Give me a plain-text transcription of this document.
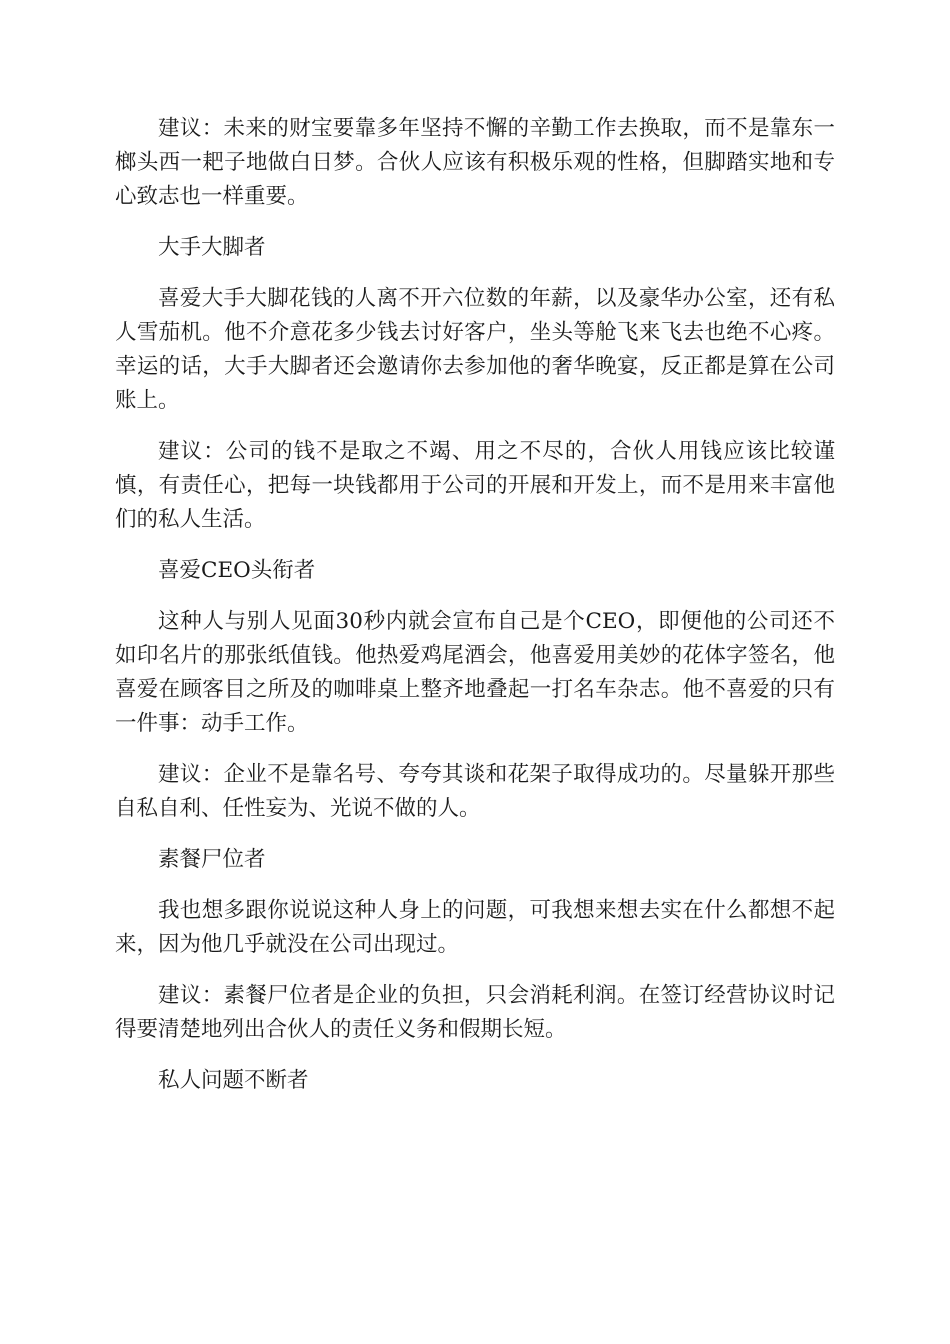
建议：未来的财宝要靠多年坚持不懈的辛勤工作去换取，而不是靠东一榔头西一耙子地做白日梦。合伙人应该有积极乐观的性格，但脚踏实地和专心致志也一样重要。

大手大脚者

喜爱大手大脚花钱的人离不开六位数的年薪，以及豪华办公室，还有私人雪茄机。他不介意花多少钱去讨好客户，坐头等舱飞来飞去也绝不心疼。幸运的话，大手大脚者还会邀请你去参加他的奢华晚宴，反正都是算在公司账上。

建议：公司的钱不是取之不竭、用之不尽的，合伙人用钱应该比较谨慎，有责任心，把每一块钱都用于公司的开展和开发上，而不是用来丰富他们的私人生活。

喜爱CEO头衔者

这种人与别人见面30秒内就会宣布自己是个CEO，即便他的公司还不如印名片的那张纸值钱。他热爱鸡尾酒会，他喜爱用美妙的花体字签名，他喜爱在顾客目之所及的咖啡桌上整齐地叠起一打名车杂志。他不喜爱的只有一件事：动手工作。

建议：企业不是靠名号、夸夸其谈和花架子取得成功的。尽量躲开那些自私自利、任性妄为、光说不做的人。

素餐尸位者

我也想多跟你说说这种人身上的问题，可我想来想去实在什么都想不起来，因为他几乎就没在公司出现过。

建议：素餐尸位者是企业的负担，只会消耗利润。在签订经营协议时记得要清楚地列出合伙人的责任义务和假期长短。

私人问题不断者
